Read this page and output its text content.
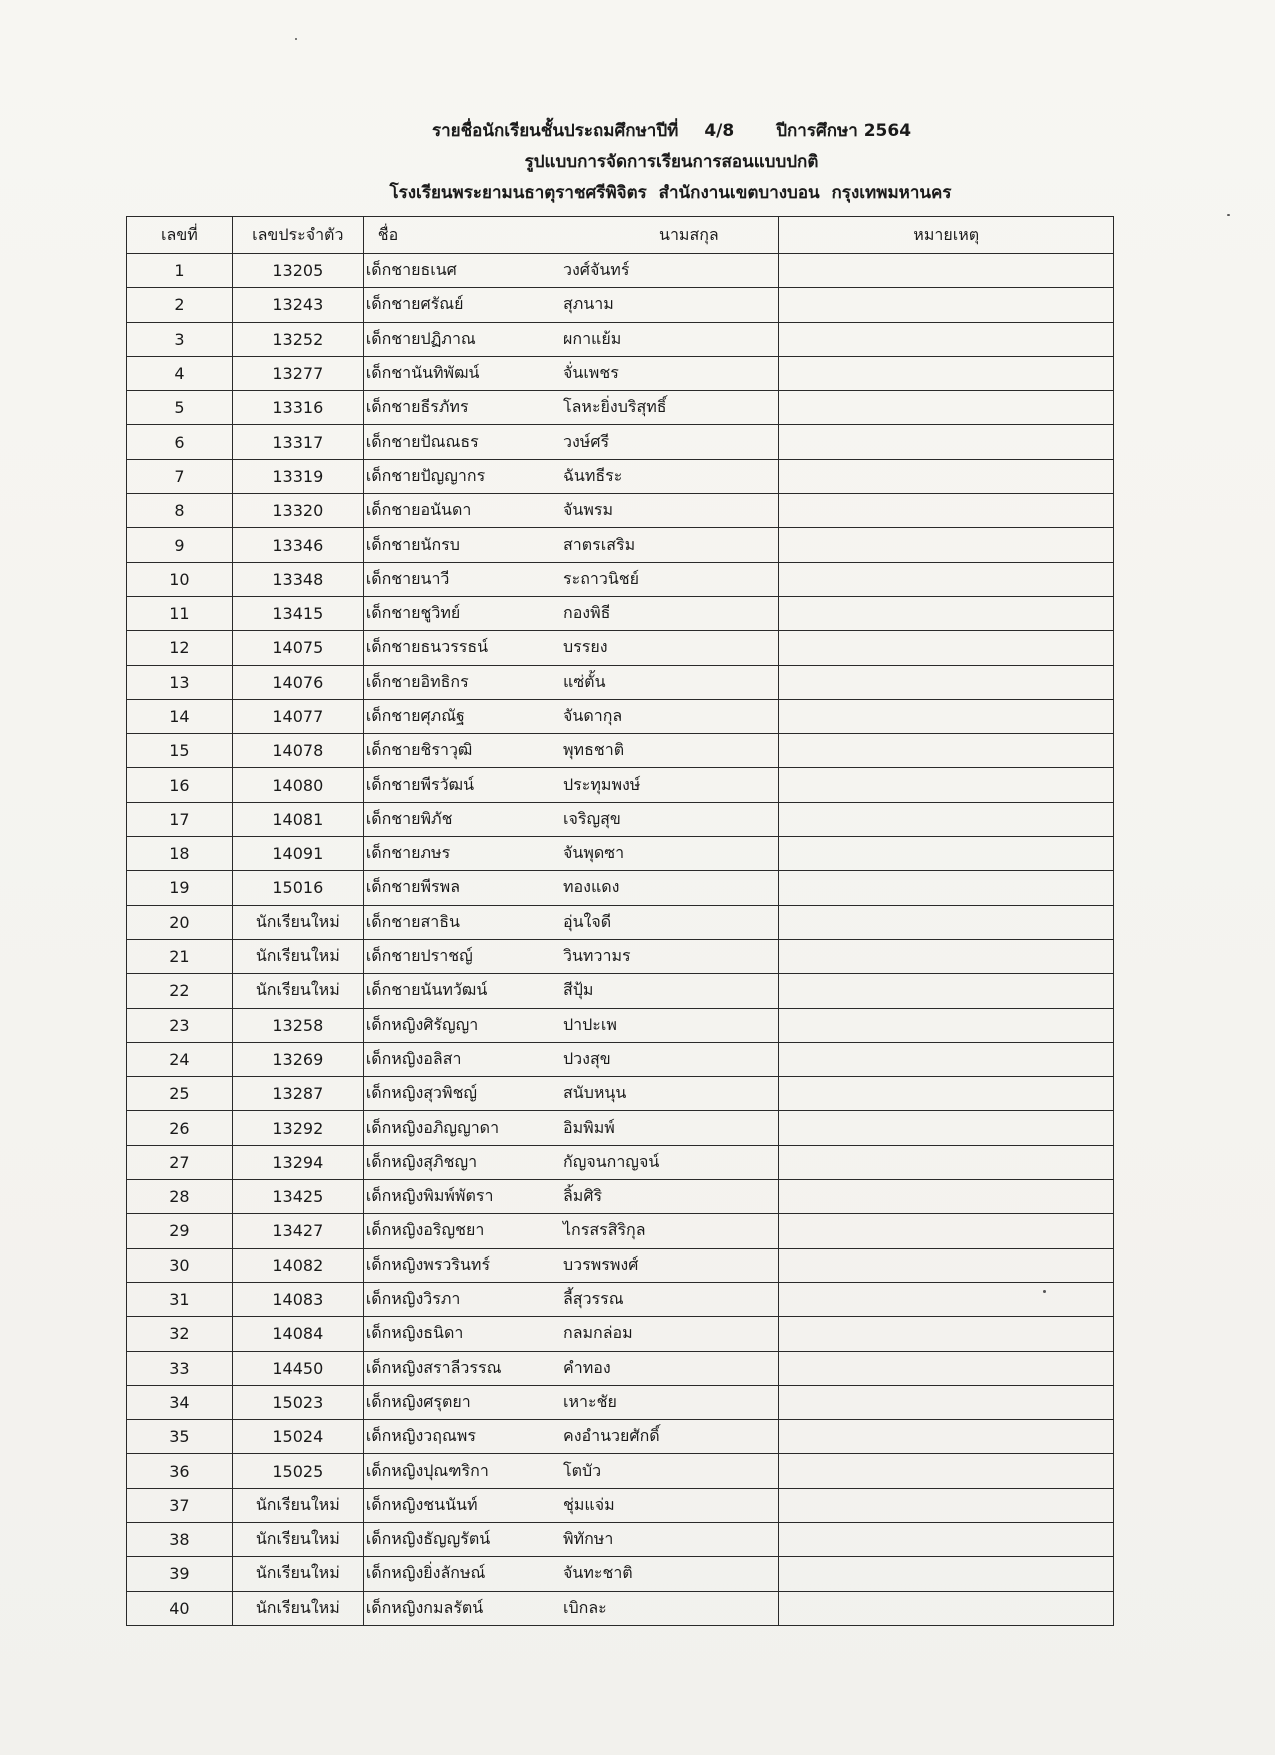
รายชื่อนักเรียนชั้นประถมศึกษาปีที่ 4/8 ปีการศึกษา 2564
รูปแบบการจัดการเรียนการสอนแบบปกติ
โรงเรียนพระยามนธาตุราชศรีพิจิตร สำนักงานเขตบางบอน กรุงเทพมหานคร
เลขที่	เลขประจำตัว	ชื่อ	นามสกุล	หมายเหตุ
1	13205	เด็กชายธเนศ	วงศ์จันทร์	
2	13243	เด็กชายศรัณย์	สุภนาม	
3	13252	เด็กชายปฏิภาณ	ผกาแย้ม	
4	13277	เด็กชานันทิพัฒน์	จั่นเพชร	
5	13316	เด็กชายธีรภัทร	โลหะยิ่งบริสุทธิ์	
6	13317	เด็กชายปัณณธร	วงษ์ศรี	
7	13319	เด็กชายปัญญากร	ฉันทธีระ	
8	13320	เด็กชายอนันดา	จันพรม	
9	13346	เด็กชายนักรบ	สาตรเสริม	
10	13348	เด็กชายนาวี	ระถาวนิชย์	
11	13415	เด็กชายชูวิทย์	กองพิธี	
12	14075	เด็กชายธนวรรธน์	บรรยง	
13	14076	เด็กชายอิทธิกร	แซ่ตั้น	
14	14077	เด็กชายศุภณัฐ	จันดากุล	
15	14078	เด็กชายชิราวุฒิ	พุทธชาติ	
16	14080	เด็กชายพีรวัฒน์	ประทุมพงษ์	
17	14081	เด็กชายพิภัช	เจริญสุข	
18	14091	เด็กชายภษร	จันพุดซา	
19	15016	เด็กชายพีรพล	ทองแดง	
20	นักเรียนใหม่	เด็กชายสาธิน	อุ่นใจดี	
21	นักเรียนใหม่	เด็กชายปราชญ์	วินทวามร	
22	นักเรียนใหม่	เด็กชายนันทวัฒน์	สีปุ้ม	
23	13258	เด็กหญิงศิรัญญา	ปาปะเพ	
24	13269	เด็กหญิงอลิสา	ปวงสุข	
25	13287	เด็กหญิงสุวพิชญ์	สนับหนุน	
26	13292	เด็กหญิงอภิญญาดา	อิมพิมพ์	
27	13294	เด็กหญิงสุภิชญา	กัญจนกาญจน์	
28	13425	เด็กหญิงพิมพ์พัตรา	ลิ้มศิริ	
29	13427	เด็กหญิงอริญชยา	ไกรสรสิริกุล	
30	14082	เด็กหญิงพรวรินทร์	บวรพรพงศ์	
31	14083	เด็กหญิงวิรภา	ลี้สุวรรณ	
32	14084	เด็กหญิงธนิดา	กลมกล่อม	
33	14450	เด็กหญิงสราลีวรรณ	คำทอง	
34	15023	เด็กหญิงศรุตยา	เหาะชัย	
35	15024	เด็กหญิงวฤณพร	คงอำนวยศักดิ์	
36	15025	เด็กหญิงปุณฑริกา	โตบัว	
37	นักเรียนใหม่	เด็กหญิงชนนันท์	ชุ่มแจ่ม	
38	นักเรียนใหม่	เด็กหญิงธัญญรัตน์	พิทักษา	
39	นักเรียนใหม่	เด็กหญิงยิ่งลักษณ์	จันทะชาติ	
40	นักเรียนใหม่	เด็กหญิงกมลรัตน์	เบิกละ	
